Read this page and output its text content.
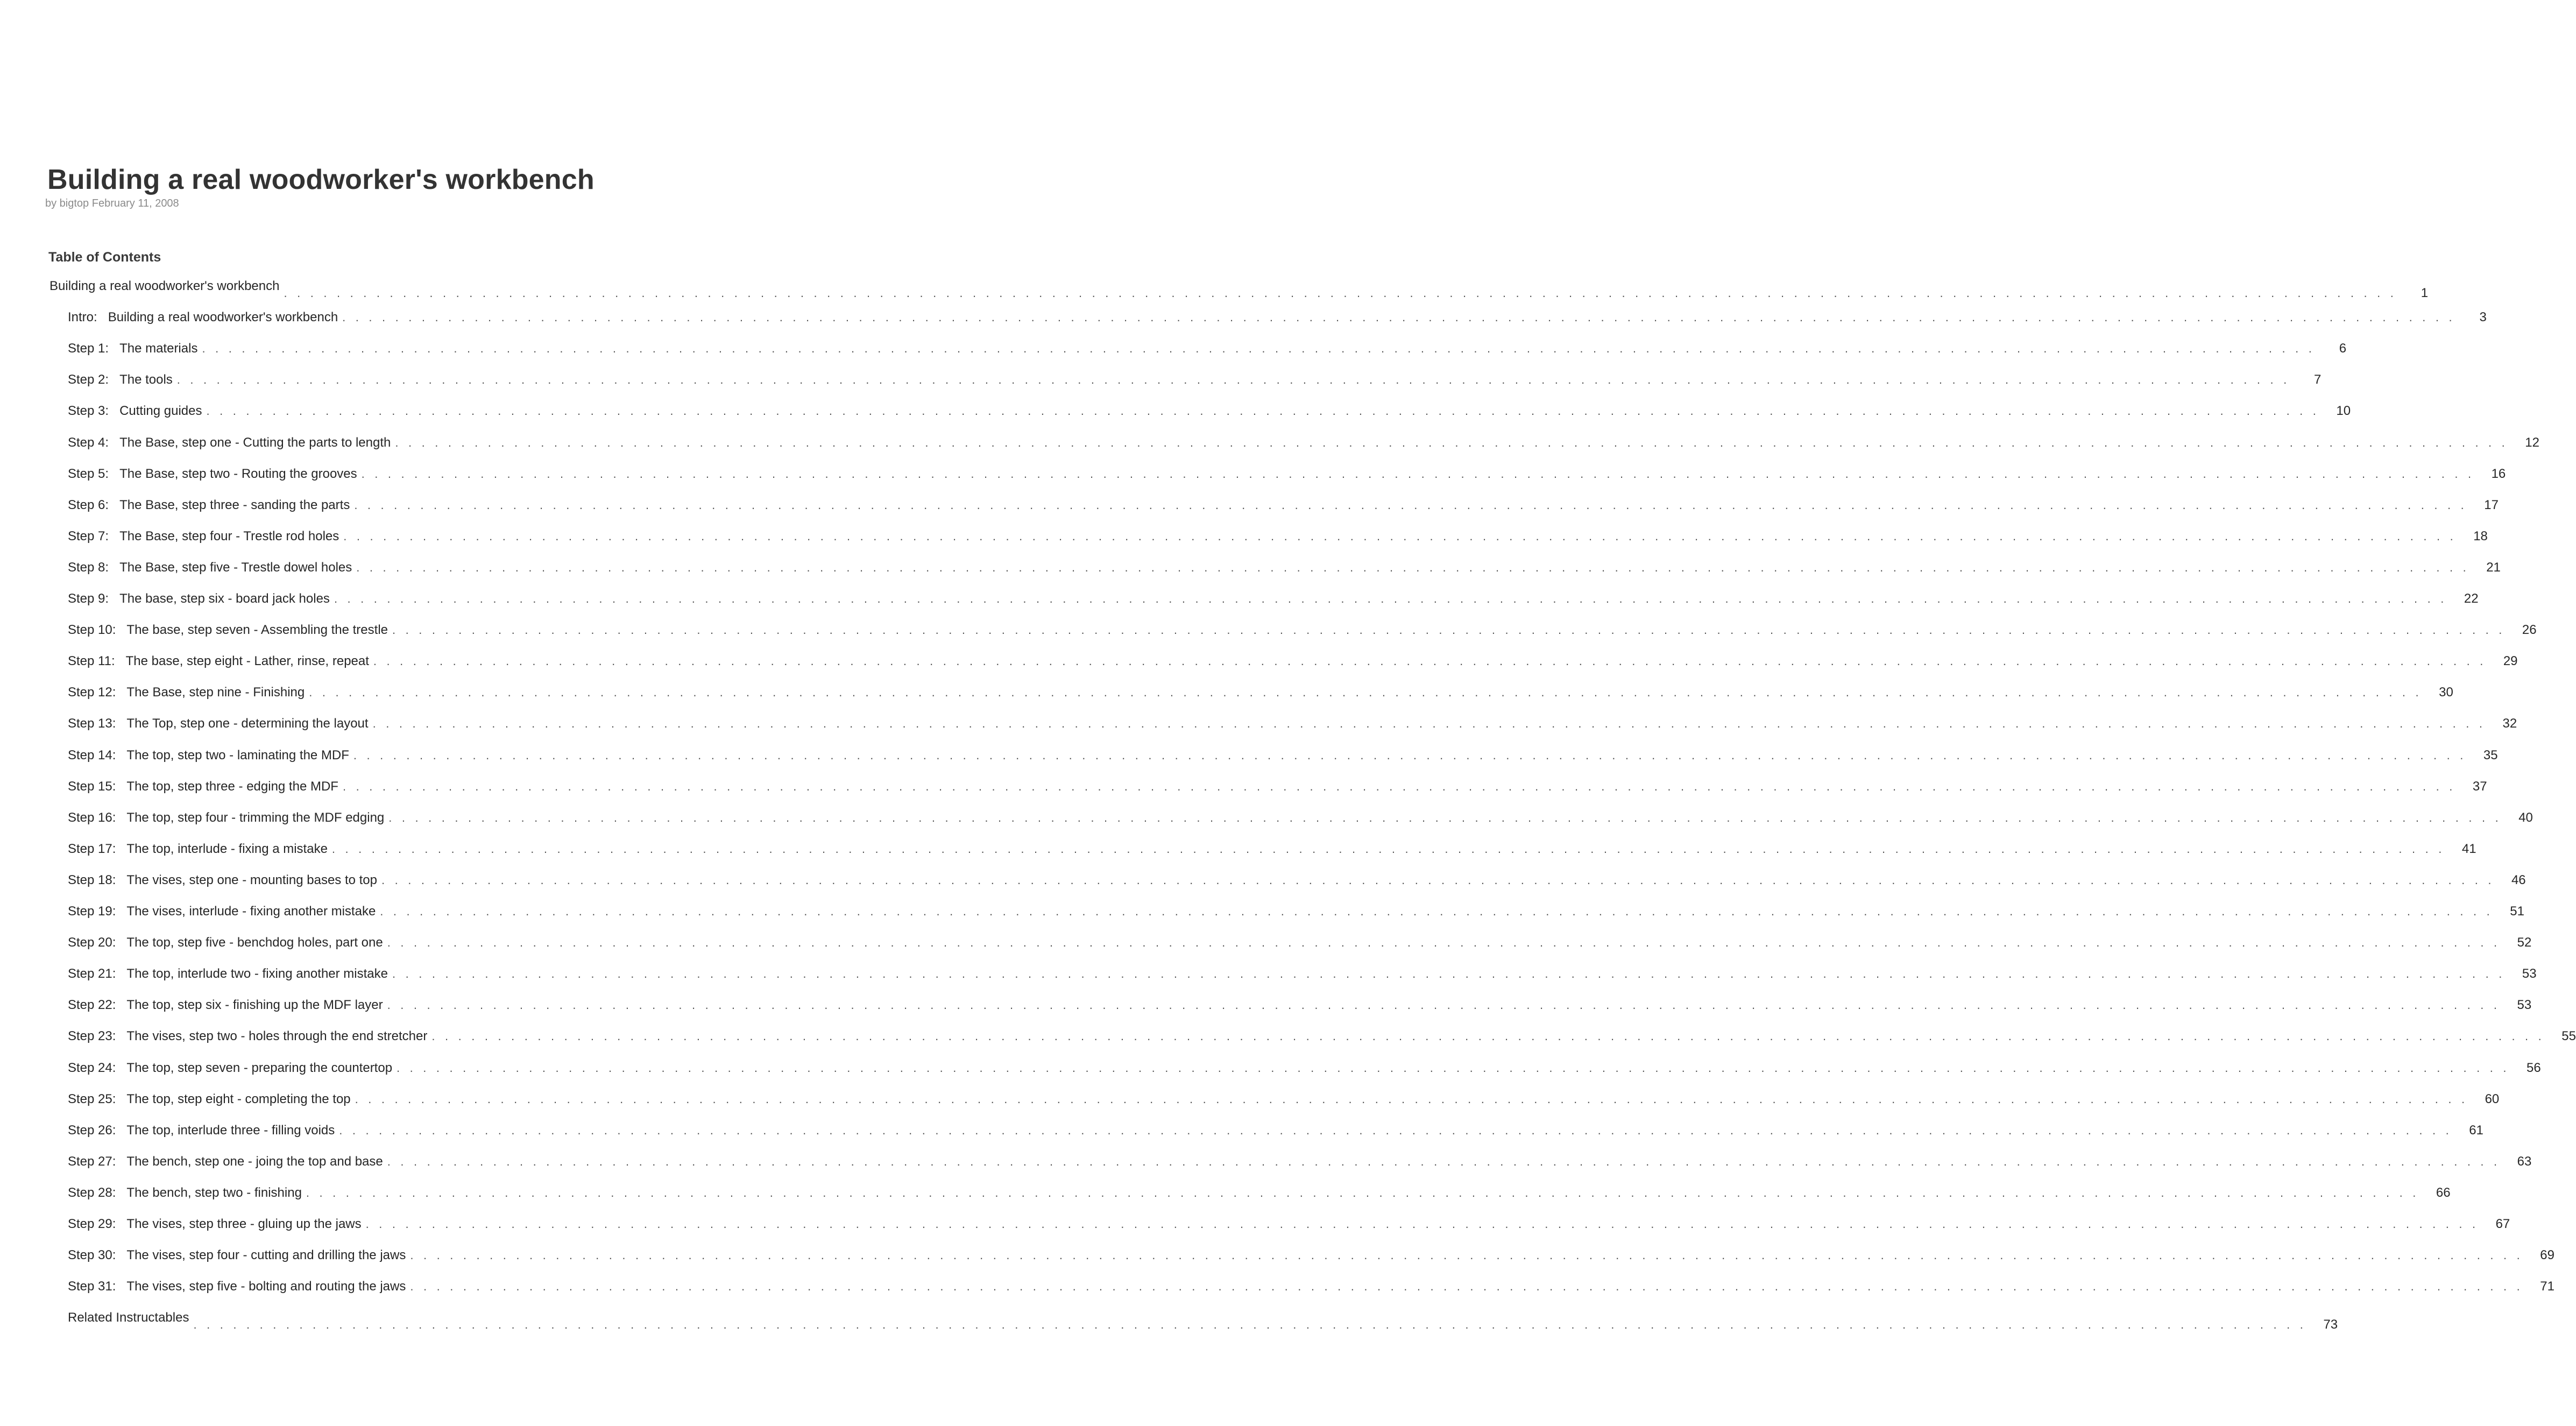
Building a real woodworker's workbench
by bigtop February 11, 2008
Table of Contents
Building a real woodworker's workbench . . .	1
Intro: Building a real woodworker's workbench . . .	3
Step 1: The materials . . .	6
Step 2: The tools . . .	7
Step 3: Cutting guides . . .	10
Step 4: The Base, step one - Cutting the parts to length . . .	12
Step 5: The Base, step two - Routing the grooves . . .	16
Step 6: The Base, step three - sanding the parts . . .	17
Step 7: The Base, step four - Trestle rod holes . . .	18
Step 8: The Base, step five - Trestle dowel holes . . .	21
Step 9: The base, step six - board jack holes . . .	22
Step 10: The base, step seven - Assembling the trestle . . .	26
Step 11: The base, step eight - Lather, rinse, repeat . . .	29
Step 12: The Base, step nine - Finishing . . .	30
Step 13: The Top, step one - determining the layout . . .	32
Step 14: The top, step two - laminating the MDF . . .	35
Step 15: The top, step three - edging the MDF . . .	37
Step 16: The top, step four - trimming the MDF edging . . .	40
Step 17: The top, interlude - fixing a mistake . . .	41
Step 18: The vises, step one - mounting bases to top . . .	46
Step 19: The vises, interlude - fixing another mistake . . .	51
Step 20: The top, step five - benchdog holes, part one . . .	52
Step 21: The top, interlude two - fixing another mistake . . .	53
Step 22: The top, step six - finishing up the MDF layer . . .	53
Step 23: The vises, step two - holes through the end stretcher . . .	55
Step 24: The top, step seven - preparing the countertop . . .	56
Step 25: The top, step eight - completing the top . . .	60
Step 26: The top, interlude three - filling voids . . .	61
Step 27: The bench, step one - joing the top and base . . .	63
Step 28: The bench, step two - finishing . . .	66
Step 29: The vises, step three - gluing up the jaws . . .	67
Step 30: The vises, step four - cutting and drilling the jaws . . .	69
Step 31: The vises, step five - bolting and routing the jaws . . .	71
Related Instructables . . .	73
